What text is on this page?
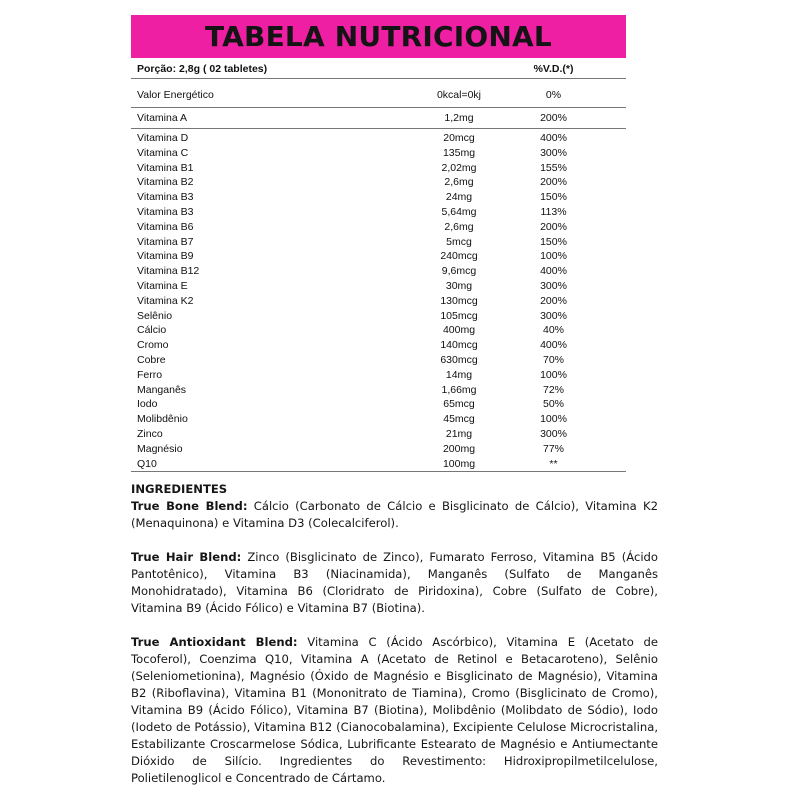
TABELA NUTRICIONAL
Porção: 2,8g ( 02 tabletes)	%V.D.(*)
Valor Energético	0kcal=0kj	0%
Vitamina A	1,2mg	200%
Vitamina D	20mcg	400%
Vitamina C	135mg	300%
Vitamina B1	2,02mg	155%
Vitamina B2	2,6mg	200%
Vitamina B3	24mg	150%
Vitamina B3	5,64mg	113%
Vitamina B6	2,6mg	200%
Vitamina B7	5mcg	150%
Vitamina B9	240mcg	100%
Vitamina B12	9,6mcg	400%
Vitamina E	30mg	300%
Vitamina K2	130mcg	200%
Selênio	105mcg	300%
Cálcio	400mg	40%
Cromo	140mcg	400%
Cobre	630mcg	70%
Ferro	14mg	100%
Manganês	1,66mg	72%
Iodo	65mcg	50%
Molibdênio	45mcg	100%
Zinco	21mg	300%
Magnésio	200mg	77%
Q10	100mg	**

INGREDIENTES

True Bone Blend: Cálcio (Carbonato de Cálcio e Bisglicinato de Cálcio), Vitamina K2 (Menaquinona) e Vitamina D3 (Colecalciferol).

True Hair Blend: Zinco (Bisglicinato de Zinco), Fumarato Ferroso, Vitamina B5 (Ácido Pantotênico), Vitamina B3 (Niacinamida), Manganês (Sulfato de Manganês Monohidratado), Vitamina B6 (Cloridrato de Piridoxina), Cobre (Sulfato de Cobre), Vitamina B9 (Ácido Fólico) e Vitamina B7 (Biotina).

True Antioxidant Blend: Vitamina C (Ácido Ascórbico), Vitamina E (Acetato de Tocoferol), Coenzima Q10, Vitamina A (Acetato de Retinol e Betacaroteno), Selênio (Seleniometionina), Magnésio (Óxido de Magnésio e Bisglicinato de Magnésio), Vitamina B2 (Riboflavina), Vitamina B1 (Mononitrato de Tiamina), Cromo (Bisglicinato de Cromo), Vitamina B9 (Ácido Fólico), Vitamina B7 (Biotina), Molibdênio (Molibdato de Sódio), Iodo (Iodeto de Potássio), Vitamina B12 (Cianocobalamina), Excipiente Celulose Microcristalina, Estabilizante Croscarmelose Sódica, Lubrificante Estearato de Magnésio e Antiumectante Dióxido de Silício. Ingredientes do Revestimento: Hidroxipropilmetilcelulose, Polietilenoglicol e Concentrado de Cártamo.
